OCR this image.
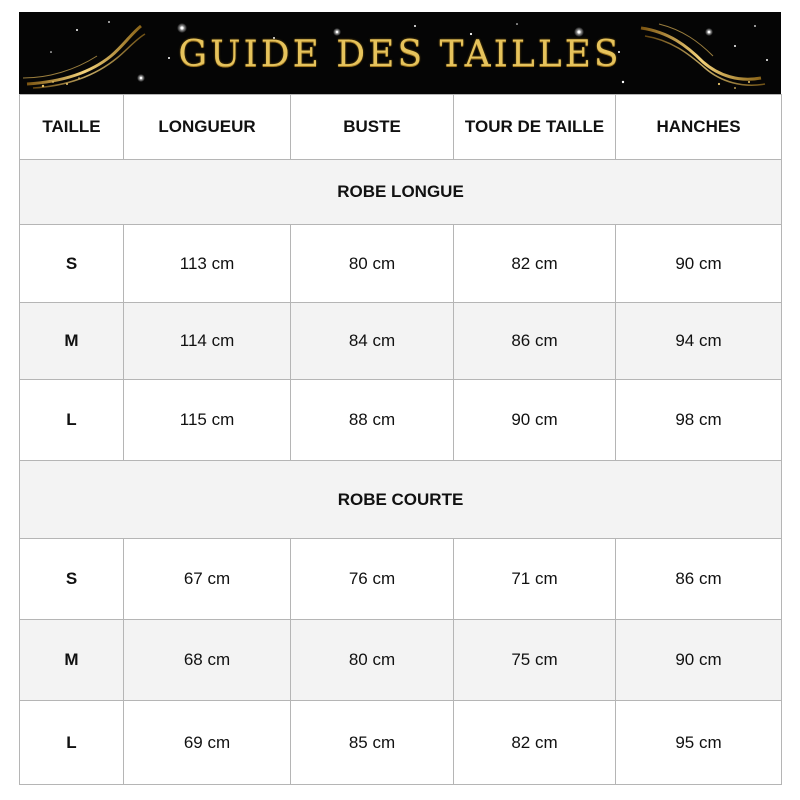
GUIDE DES TAILLES
TAILLE	LONGUEUR	BUSTE	TOUR DE TAILLE	HANCHES
ROBE LONGUE				
S	113 cm	80 cm	82 cm	90 cm
M	114 cm	84 cm	86 cm	94 cm
L	115 cm	88 cm	90 cm	98 cm
ROBE COURTE				
S	67 cm	76 cm	71 cm	86 cm
M	68 cm	80 cm	75 cm	90 cm
L	69 cm	85 cm	82 cm	95 cm
